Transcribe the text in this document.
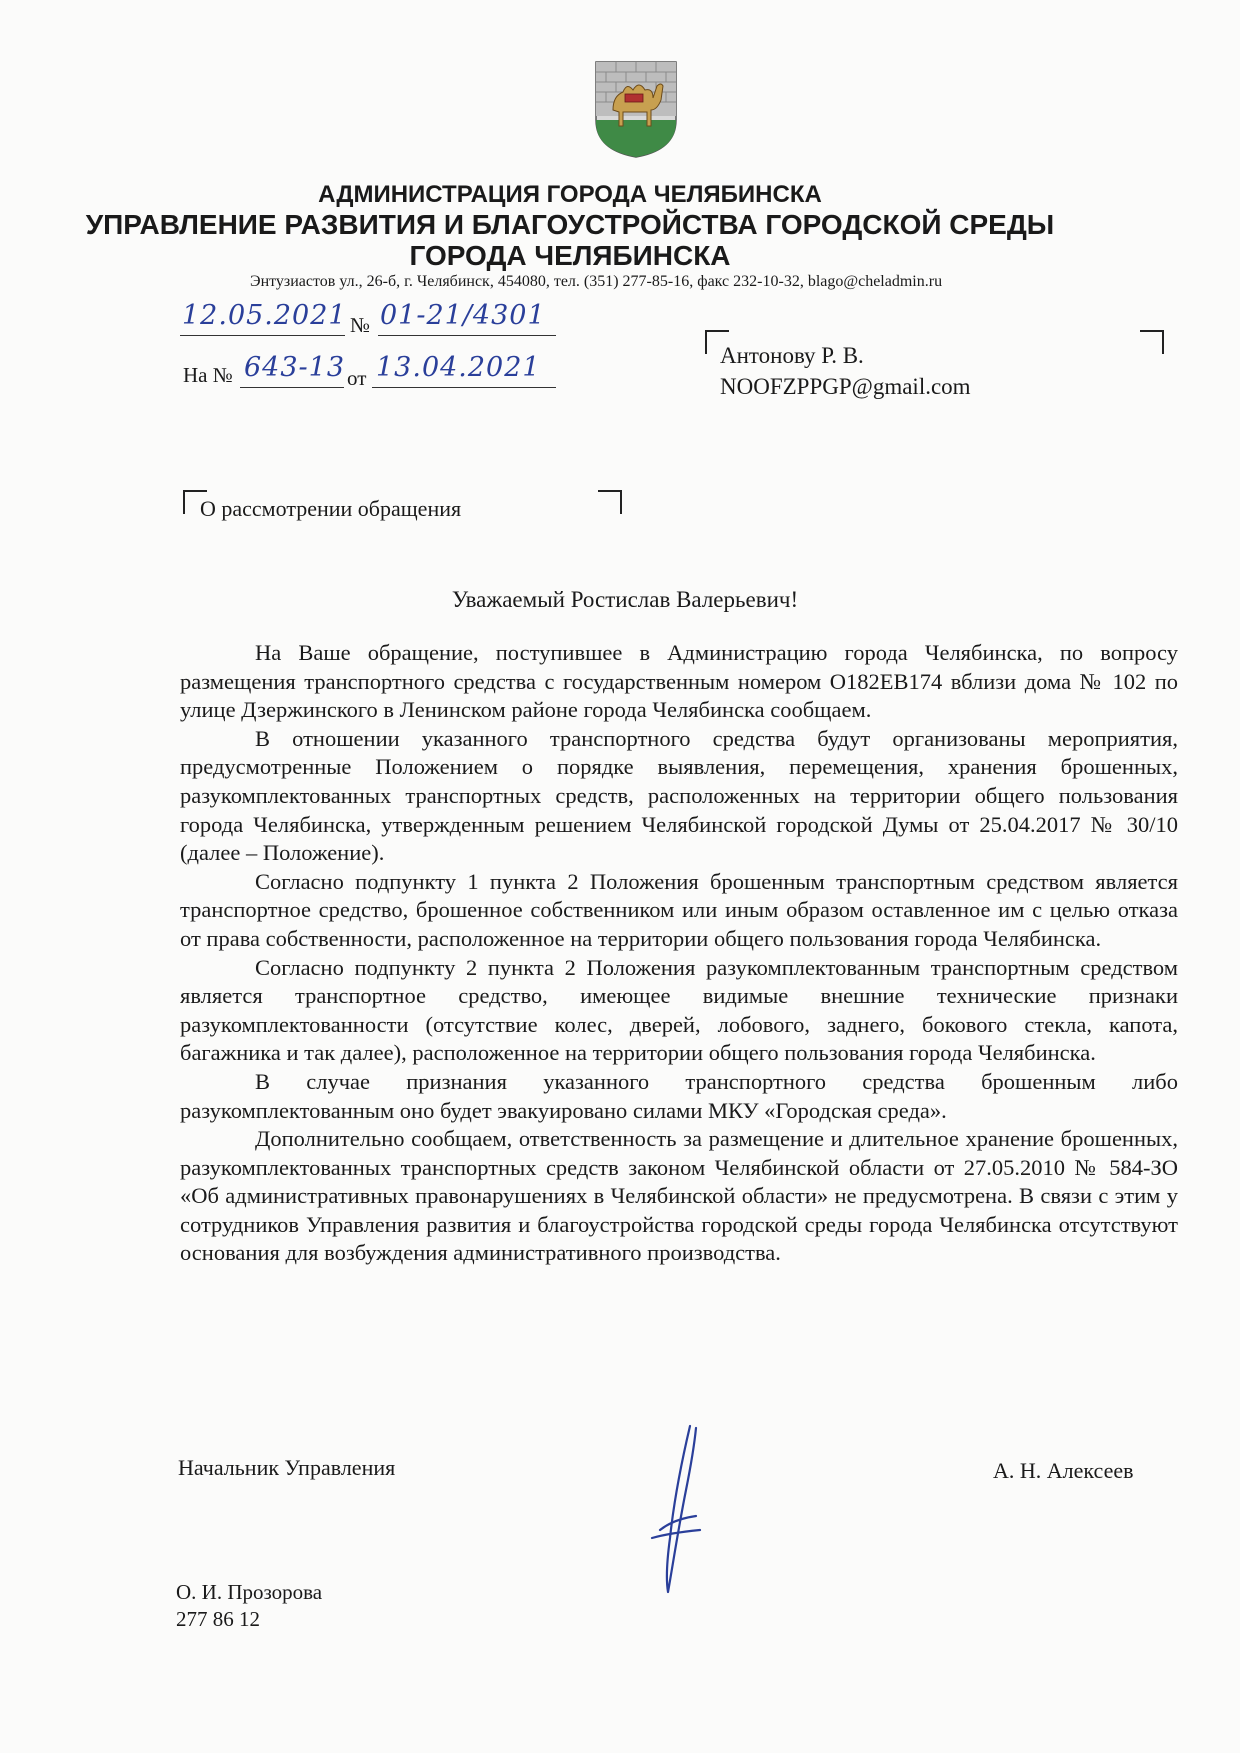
АДМИНИСТРАЦИЯ ГОРОДА ЧЕЛЯБИНСКА
УПРАВЛЕНИЕ РАЗВИТИЯ И БЛАГОУСТРОЙСТВА ГОРОДСКОЙ СРЕДЫ
ГОРОДА ЧЕЛЯБИНСКА
Энтузиастов ул., 26-б, г. Челябинск, 454080, тел. (351) 277-85-16, факс 232-10-32, blago@cheladmin.ru
12.05.2021 № 01-21/4301
На № 643-13 от 13.04.2021	Антонову Р. В.
NOOFZPPGP@gmail.com
О рассмотрении обращения
Уважаемый Ростислав Валерьевич!

На Ваше обращение, поступившее в Администрацию города Челябинска, по вопросу размещения транспортного средства с государственным номером О182ЕВ174 вблизи дома № 102 по улице Дзержинского в Ленинском районе города Челябинска сообщаем.

В отношении указанного транспортного средства будут организованы мероприятия, предусмотренные Положением о порядке выявления, перемещения, хранения брошенных, разукомплектованных транспортных средств, расположенных на территории общего пользования города Челябинска, утвержденным решением Челябинской городской Думы от 25.04.2017 № 30/10 (далее – Положение).

Согласно подпункту 1 пункта 2 Положения брошенным транспортным средством является транспортное средство, брошенное собственником или иным образом оставленное им с целью отказа от права собственности, расположенное на территории общего пользования города Челябинска.

Согласно подпункту 2 пункта 2 Положения разукомплектованным транспортным средством является транспортное средство, имеющее видимые внешние технические признаки разукомплектованности (отсутствие колес, дверей, лобового, заднего, бокового стекла, капота, багажника и так далее), расположенное на территории общего пользования города Челябинска.

В случае признания указанного транспортного средства брошенным либо разукомплектованным оно будет эвакуировано силами МКУ «Городская среда».

Дополнительно сообщаем, ответственность за размещение и длительное хранение брошенных, разукомплектованных транспортных средств законом Челябинской области от 27.05.2010 № 584-ЗО «Об административных правонарушениях в Челябинской области» не предусмотрена. В связи с этим у сотрудников Управления развития и благоустройства городской среды города Челябинска отсутствуют основания для возбуждения административного производства.

Начальник Управления	А. Н. Алексеев
О. И. Прозорова
277 86 12
